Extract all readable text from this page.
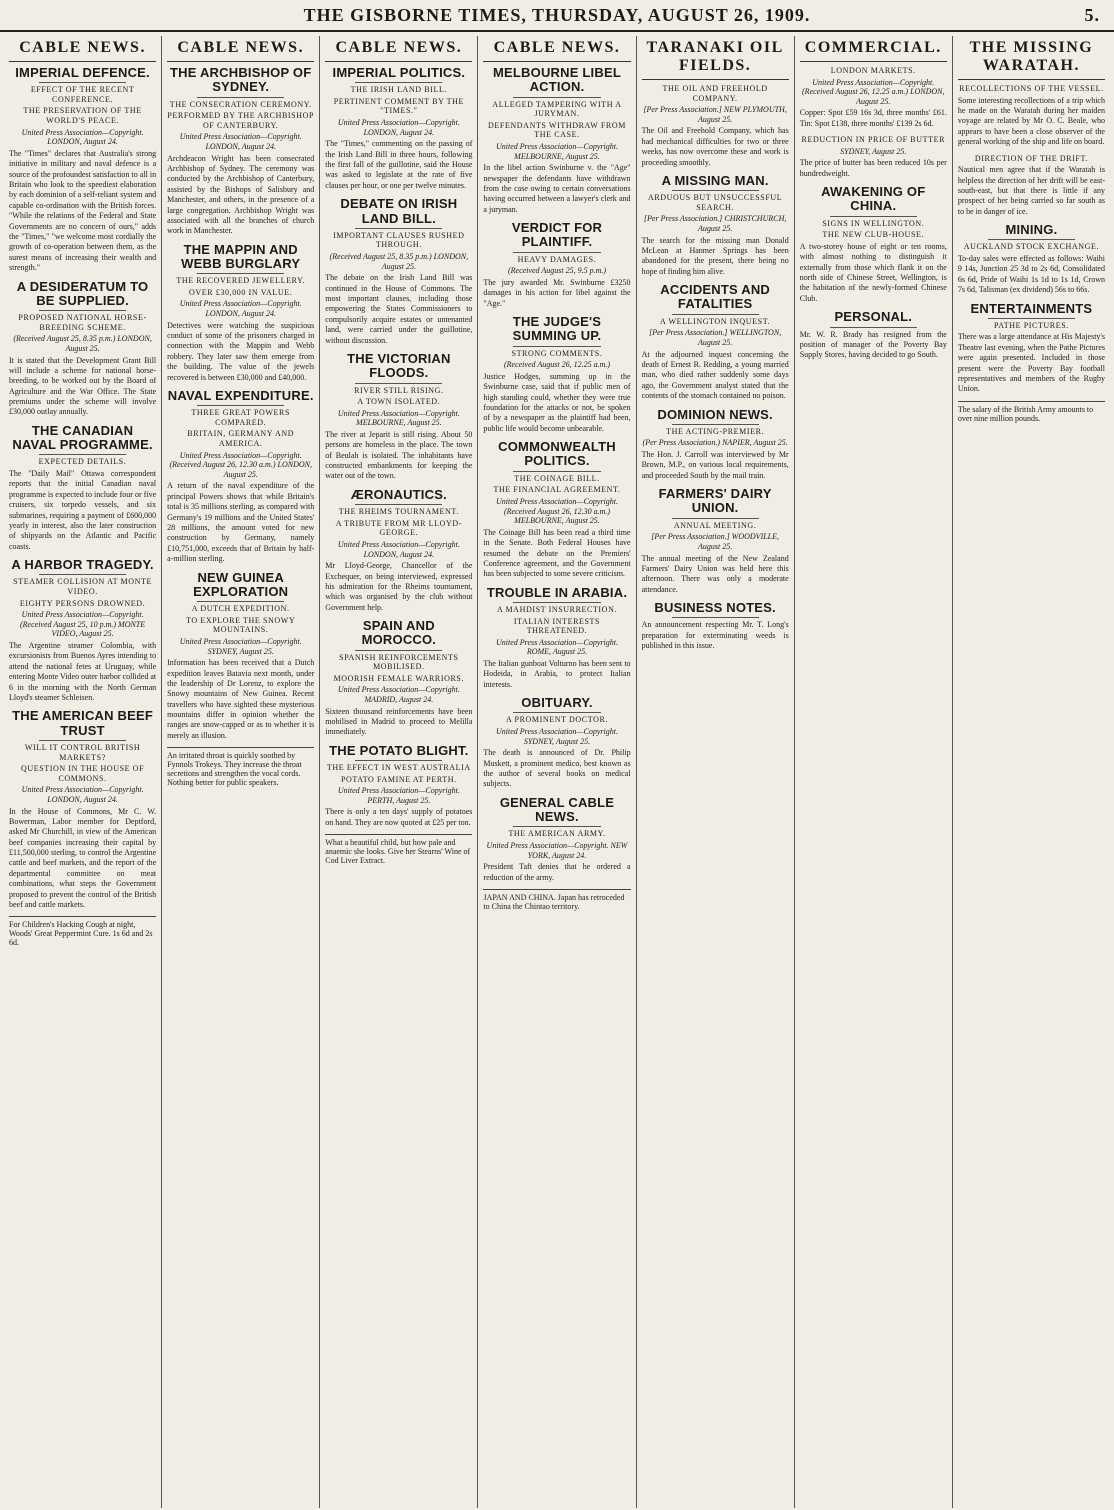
THE GISBORNE TIMES, THURSDAY, AUGUST 26, 1909.	5.
CABLE NEWS.
IMPERIAL DEFENCE.
EFFECT OF THE RECENT CONFERENCE.
THE PRESERVATION OF THE WORLD'S PEACE.
United Press Association—Copyright. LONDON, August 24.
The "Times" declares that Australia's strong initiative in military and naval defence is a source of the profoundest satisfaction to all in Britain who look to the speediest elaboration by each dominion of a self-reliant system and capable co-ordination with the British forces. "While the relations of the Federal and State Governments are no concern of ours," adds the "Times," "we welcome most cordially the growth of co-operation between them, as the surest means of increasing their wealth and strength."
A DESIDERATUM TO BE SUPPLIED.
PROPOSED NATIONAL HORSE-BREEDING SCHEME.
(Received August 25, 8.35 p.m.) LONDON, August 25.
It is stated that the Development Grant Bill will include a scheme for national horse-breeding, to be worked out by the Board of Agriculture and the War Office. The State premiums under the scheme will involve £30,000 outlay annually.
THE CANADIAN NAVAL PROGRAMME.
EXPECTED DETAILS.
The "Daily Mail" Ottawa correspondent reports that the initial Canadian naval programme is expected to include four or five cruisers, six torpedo vessels, and six submarines, requiring a payment of £600,000 yearly in interest, also the later construction of shipyards on the Atlantic and Pacific coasts.
A HARBOR TRAGEDY.
STEAMER COLLISION AT MONTE VIDEO.
EIGHTY PERSONS DROWNED.
United Press Association—Copyright. (Received August 25, 10 p.m.) MONTE VIDEO, August 25.
The Argentine steamer Colombia, with excursionists from Buenos Ayres intending to attend the national fetes at Uruguay, while entering Monte Video outer harbor collided at 6 in the morning with the North German Lloyd's steamer Schleisen.
THE AMERICAN BEEF TRUST
WILL IT CONTROL BRITISH MARKETS?
QUESTION IN THE HOUSE OF COMMONS.
United Press Association—Copyright. LONDON, August 24.
In the House of Commons, Mr C. W. Bowerman, Labor member for Deptford, asked Mr Churchill, in view of the American beef companies increasing their capital by £11,500,000 sterling, to control the Argentine cattle and beef markets, and the report of the departmental committee on meat combinations, what steps the Government proposed to prevent the control of the British beef and cattle markets.
For Children's Hacking Cough at night, Woods' Great Peppermint Cure. 1s 6d and 2s 6d.
CABLE NEWS.
THE ARCHBISHOP OF SYDNEY.
THE CONSECRATION CEREMONY.
PERFORMED BY THE ARCHBISHOP OF CANTERBURY.
United Press Association—Copyright. LONDON, August 24.
Archdeacon Wright has been consecrated Archbishop of Sydney. The ceremony was conducted by the Archbishop of Canterbury, assisted by the Bishops of Salisbury and Manchester, and others, in the presence of a large congregation. Archbishop Wright was associated with all the branches of church work in Manchester.
THE MAPPIN AND WEBB BURGLARY
THE RECOVERED JEWELLERY.
OVER £30,000 IN VALUE.
United Press Association—Copyright. LONDON, August 24.
Detectives were watching the suspicious conduct of some of the prisoners charged in connection with the Mappin and Webb robbery. They later saw them emerge from the building. The value of the jewels recovered is between £30,000 and £40,000.
NAVAL EXPENDITURE.
THREE GREAT POWERS COMPARED.
BRITAIN, GERMANY AND AMERICA.
United Press Association—Copyright. (Received August 26, 12.30 a.m.) LONDON, August 25.
A return of the naval expenditure of the principal Powers shows that while Britain's total is 35 millions sterling, as compared with Germany's 19 millions and the United States' 28 millions, the amount voted for new construction by Germany, namely £10,751,000, exceeds that of Britain by half-a-million sterling.
NEW GUINEA EXPLORATION
A DUTCH EXPEDITION.
TO EXPLORE THE SNOWY MOUNTAINS.
United Press Association—Copyright. SYDNEY, August 25.
Information has been received that a Dutch expedition leaves Batavia next month, under the leadership of Dr Lorenz, to explore the Snowy mountains of New Guinea. Recent travellers who have sighted these mysterious mountains differ in opinion whether the ranges are snow-capped or as to whether it is merely an illusion.
An irritated throat is quickly soothed by Fynnols Trokeys. They increase the throat secretions and strengthen the vocal cords. Nothing better for public speakers.
CABLE NEWS.
IMPERIAL POLITICS.
THE IRISH LAND BILL.
PERTINENT COMMENT BY THE "TIMES."
United Press Association—Copyright. LONDON, August 24.
The "Times," commenting on the passing of the Irish Land Bill in three hours, following the first fall of the guillotine, said the House was asked to legislate at the rate of five clauses per hour, or one per twelve minutes.
DEBATE ON IRISH LAND BILL.
IMPORTANT CLAUSES RUSHED THROUGH.
(Received August 25, 8.35 p.m.) LONDON, August 25.
The debate on the Irish Land Bill was continued in the House of Commons. The most important clauses, including those empowering the States Commissioners to compulsorily acquire estates or untenanted land, were carried under the guillotine, without discussion.
THE VICTORIAN FLOODS.
RIVER STILL RISING.
A TOWN ISOLATED.
United Press Association—Copyright. MELBOURNE, August 25.
The river at Jeparit is still rising. About 50 persons are homeless in the place. The town of Beulah is isolated. The inhabitants have constructed embankments for keeping the water out of the town.
ÆRONAUTICS.
THE RHEIMS TOURNAMENT.
A TRIBUTE FROM MR LLOYD-GEORGE.
United Press Association—Copyright. LONDON, August 24.
Mr Lloyd-George, Chancellor of the Exchequer, on being interviewed, expressed his admiration for the Rheims tournament, which was organised by the club without Government help.
SPAIN AND MOROCCO.
SPANISH REINFORCEMENTS MOBILISED.
MOORISH FEMALE WARRIORS.
United Press Association—Copyright. MADRID, August 24.
Sixteen thousand reinforcements have been mobilised in Madrid to proceed to Melilla immediately.
THE POTATO BLIGHT.
THE EFFECT IN WEST AUSTRALIA
POTATO FAMINE AT PERTH.
United Press Association—Copyright. PERTH, August 25.
There is only a ten days' supply of potatoes on hand. They are now quoted at £25 per ton.
What a beautiful child, but how pale and anaemic she looks. Give her Stearns' Wine of Cod Liver Extract.
CABLE NEWS.
MELBOURNE LIBEL ACTION.
ALLEGED TAMPERING WITH A JURYMAN.
DEFENDANTS WITHDRAW FROM THE CASE.
United Press Association—Copyright. MELBOURNE, August 25.
In the libel action Swinburne v. the "Age" newspaper the defendants have withdrawn from the case owing to certain conversations having occurred between a lawyer's clerk and a juryman.
VERDICT FOR PLAINTIFF.
HEAVY DAMAGES.
(Received August 25, 9.5 p.m.)
The jury awarded Mr. Swinburne £3250 damages in his action for libel against the "Age."
THE JUDGE'S SUMMING UP.
STRONG COMMENTS.
(Received August 26, 12.25 a.m.)
Justice Hodges, summing up in the Swinburne case, said that if public men of high standing could, whether they were true foundation for the attacks or not, be spoken of by a newspaper as the plaintiff had been, public life would become unbearable.
COMMONWEALTH POLITICS.
THE COINAGE BILL.
THE FINANCIAL AGREEMENT.
United Press Association—Copyright. (Received August 26, 12.30 a.m.) MELBOURNE, August 25.
The Coinage Bill has been read a third time in the Senate. Both Federal Houses have resumed the debate on the Premiers' Conference agreement, and the Government has been subjected to some severe criticism.
TROUBLE IN ARABIA.
A MAHDIST INSURRECTION.
ITALIAN INTERESTS THREATENED.
United Press Association—Copyright. ROME, August 25.
The Italian gunboat Volturno has been sent to Hodeida, in Arabia, to protect Italian interests.
OBITUARY.
A PROMINENT DOCTOR.
United Press Association—Copyright. SYDNEY, August 25.
The death is announced of Dr. Philip Muskett, a prominent medico, best known as the author of several books on medical subjects.
GENERAL CABLE NEWS.
THE AMERICAN ARMY.
United Press Association—Copyright. NEW YORK, August 24.
President Taft denies that he ordered a reduction of the army.
JAPAN AND CHINA. Japan has retroceded to China the Chintao territory.
TARANAKI OIL FIELDS.
THE OIL AND FREEHOLD COMPANY.
[Per Press Association.] NEW PLYMOUTH, August 25.
The Oil and Freehold Company, which has had mechanical difficulties for two or three weeks, has now overcome these and work is proceeding smoothly.
A MISSING MAN.
ARDUOUS BUT UNSUCCESSFUL SEARCH.
[Per Press Association.] CHRISTCHURCH, August 25.
The search for the missing man Donald McLean at Hanmer Springs has been abandoned for the present, there being no hope of finding him alive.
ACCIDENTS AND FATALITIES
A WELLINGTON INQUEST.
[Per Press Association.] WELLINGTON, August 25.
At the adjourned inquest concerning the death of Ernest R. Redding, a young married man, who died rather suddenly some days ago, the Government analyst stated that the contents of the stomach contained no poison.
DOMINION NEWS.
THE ACTING-PREMIER.
(Per Press Association.) NAPIER, August 25.
The Hon. J. Carroll was interviewed by Mr Brown, M.P., on various local requirements, and proceeded South by the mail train.
FARMERS' DAIRY UNION.
ANNUAL MEETING.
[Per Press Association.] WOODVILLE, August 25.
The annual meeting of the New Zealand Farmers' Dairy Union was held here this afternoon. There was only a moderate attendance.
BUSINESS NOTES.
An announcement respecting Mr. T. Long's preparation for exterminating weeds is published in this issue.
COMMERCIAL.
LONDON MARKETS.
United Press Association—Copyright. (Received August 26, 12.25 a.m.) LONDON, August 25.
Copper: Spot £59 16s 3d, three months' £61. Tin: Spot £138, three months' £139 2s 6d.
REDUCTION IN PRICE OF BUTTER
SYDNEY, August 25.
The price of butter has been reduced 10s per hundredweight.
AWAKENING OF CHINA.
SIGNS IN WELLINGTON.
THE NEW CLUB-HOUSE.
A two-storey house of eight or ten rooms, with almost nothing to distinguish it externally from those which flank it on the north side of Chinese Street, Wellington, is the habitation of the newly-formed Chinese Club.
PERSONAL.
Mr. W. R. Brady has resigned from the position of manager of the Poverty Bay Supply Stores, having decided to go South.
THE MISSING WARATAH.
RECOLLECTIONS OF THE VESSEL.
Some interesting recollections of a trip which he made on the Waratah during her maiden voyage are related by Mr O. C. Beale, who appears to have been a close observer of the general working of the ship and life on board.
DIRECTION OF THE DRIFT.
Nautical men agree that if the Waratah is helpless the direction of her drift will be east-south-east, but that there is little if any prospect of her being carried so far south as to be in danger of ice.
MINING.
AUCKLAND STOCK EXCHANGE.
To-day sales were effected as follows: Waihi 9 14s, Junction 25 3d to 2s 6d, Consolidated 6s 6d, Pride of Waihi 1s 1d to 1s 1d, Crown 7s 6d, Talisman (ex dividend) 56s to 66s.
ENTERTAINMENTS
PATHE PICTURES.
There was a large attendance at His Majesty's Theatre last evening, when the Pathe Pictures were again presented. Included in those present were the Poverty Bay football representatives and members of the Rugby Union.
The salary of the British Army amounts to over nine million pounds.
